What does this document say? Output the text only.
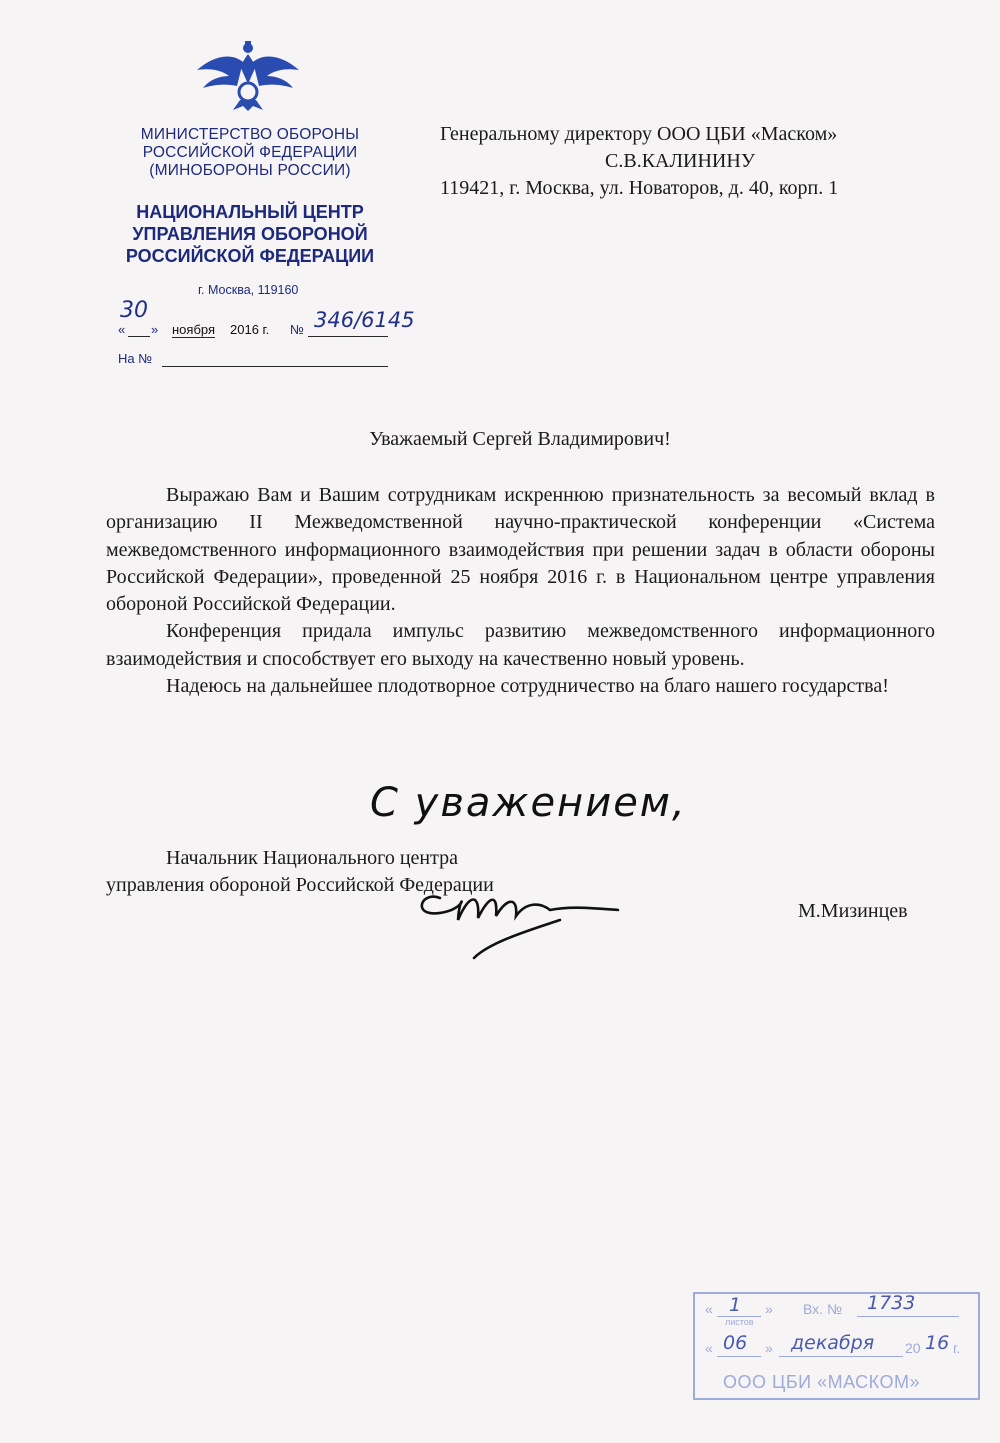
МИНИСТЕРСТВО ОБОРОНЫ
РОССИЙСКОЙ ФЕДЕРАЦИИ
(МИНОБОРОНЫ РОССИИ)
НАЦИОНАЛЬНЫЙ ЦЕНТР
УПРАВЛЕНИЯ ОБОРОНОЙ
РОССИЙСКОЙ ФЕДЕРАЦИИ
г. Москва, 119160
«
30
» ноября 2016 г. № 346/6145
На №
Генеральному директору ООО ЦБИ «Маском»
С.В.КАЛИНИНУ
119421, г. Москва, ул. Новаторов, д. 40, корп. 1
Уважаемый Сергей Владимирович!

Выражаю Вам и Вашим сотрудникам искреннюю признательность за весомый вклад в организацию II Межведомственной научно-практической конференции «Система межведомственного информационного взаимодействия при решении задач в области обороны Российской Федерации», проведенной 25 ноября 2016 г. в Национальном центре управления обороной Российской Федерации.

Конференция придала импульс развитию межведомственного информационного взаимодействия и способствует его выходу на качественно новый уровень.

Надеюсь на дальнейшее плодотворное сотрудничество на благо нашего государства!

С уважением,
Начальник Национального центра
управления обороной Российской Федерации
М.Мизинцев
« 1 »
листов
Вх. № 1733
« 06 » декабря 20 16 г.
ООО ЦБИ «МАСКОМ»
